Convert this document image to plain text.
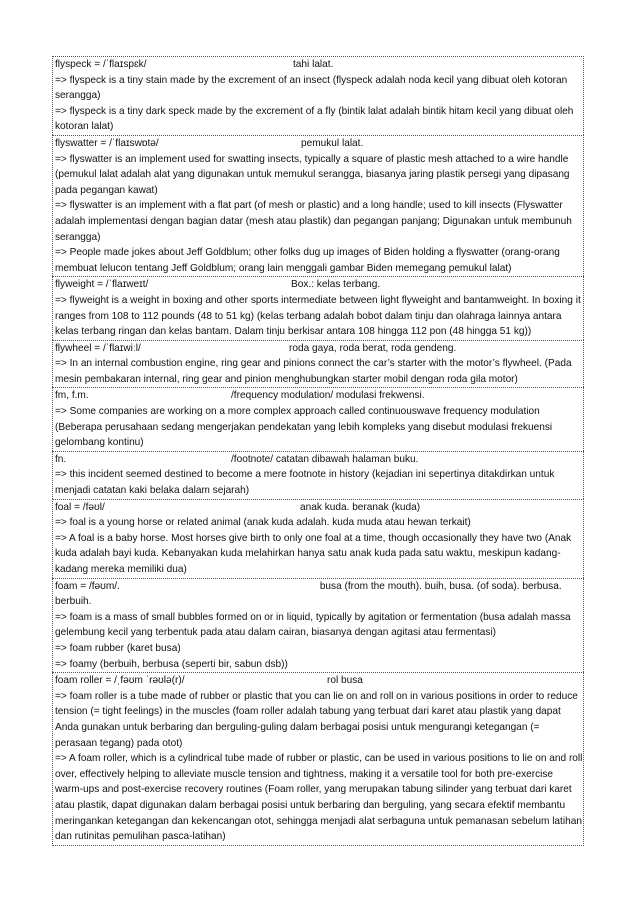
flyspeck = /ˈflaɪspɛk/	tahi lalat.
=> flyspeck is a tiny stain made by the excrement of an insect (flyspeck adalah noda kecil yang dibuat oleh kotoran serangga)
=> flyspeck is a tiny dark speck made by the excrement of a fly (bintik lalat adalah bintik hitam kecil yang dibuat oleh kotoran lalat)
flyswatter = /ˈflaɪswɒtə/	pemukul lalat.
=> flyswatter is an implement used for swatting insects, typically a square of plastic mesh attached to a wire handle (pemukul lalat adalah alat yang digunakan untuk memukul serangga, biasanya jaring plastik persegi yang dipasang pada pegangan kawat)
=> flyswatter is an implement with a flat part (of mesh or plastic) and a long handle; used to kill insects (Flyswatter adalah implementasi dengan bagian datar (mesh atau plastik) dan pegangan panjang; Digunakan untuk membunuh serangga)
=> People made jokes about Jeff Goldblum; other folks dug up images of Biden holding a flyswatter (orang-orang membuat lelucon tentang Jeff Goldblum; orang lain menggali gambar Biden memegang pemukul lalat)
flyweight = /ˈflaɪweɪt/	Box.: kelas terbang.
=> flyweight is a weight in boxing and other sports intermediate between light flyweight and bantamweight. In boxing it ranges from 108 to 112 pounds (48 to 51 kg) (kelas terbang adalah bobot dalam tinju dan olahraga lainnya antara kelas terbang ringan dan kelas bantam. Dalam tinju berkisar antara 108 hingga 112 pon (48 hingga 51 kg))
flywheel = /ˈflaɪwiːl/	roda gaya, roda berat, roda gendeng.
=> In an internal combustion engine, ring gear and pinions connect the car’s starter with the motor’s flywheel. (Pada mesin pembakaran internal, ring gear and pinion menghubungkan starter mobil dengan roda gila motor)
fm, f.m.	/frequency modulation/ modulasi frekwensi.
=> Some companies are working on a more complex approach called continuouswave frequency modulation (Beberapa perusahaan sedang mengerjakan pendekatan yang lebih kompleks yang disebut modulasi frekuensi gelombang kontinu)
fn.	/footnote/ catatan dibawah halaman buku.
=> this incident seemed destined to become a mere footnote in history (kejadian ini sepertinya ditakdirkan untuk menjadi catatan kaki belaka dalam sejarah)
foal = /fəʊl/	anak kuda. beranak (kuda)
=> foal is a young horse or related animal (anak kuda adalah. kuda muda atau hewan terkait)
=> A foal is a baby horse. Most horses give birth to only one foal at a time, though occasionally they have two (Anak kuda adalah bayi kuda. Kebanyakan kuda melahirkan hanya satu anak kuda pada satu waktu, meskipun kadang-kadang mereka memiliki dua)
foam = /fəʊm/.	busa (from the mouth). buih, busa. (of soda). berbusa. berbuih.
=> foam is a mass of small bubbles formed on or in liquid, typically by agitation or fermentation (busa adalah massa gelembung kecil yang terbentuk pada atau dalam cairan, biasanya dengan agitasi atau fermentasi)
=> foam rubber (karet busa)
=> foamy (berbuih, berbusa (seperti bir, sabun dsb))
foam roller = /ˌfəʊm ˈrəʊlə(r)/	rol busa
=> foam roller is a tube made of rubber or plastic that you can lie on and roll on in various positions in order to reduce tension (= tight feelings) in the muscles (foam roller adalah tabung yang terbuat dari karet atau plastik yang dapat Anda gunakan untuk berbaring dan berguling-guling dalam berbagai posisi untuk mengurangi ketegangan (= perasaan tegang) pada otot)
=> A foam roller, which is a cylindrical tube made of rubber or plastic, can be used in various positions to lie on and roll over, effectively helping to alleviate muscle tension and tightness, making it a versatile tool for both pre-exercise warm-ups and post-exercise recovery routines (Foam roller, yang merupakan tabung silinder yang terbuat dari karet atau plastik, dapat digunakan dalam berbagai posisi untuk berbaring dan berguling, yang secara efektif membantu meringankan ketegangan dan kekencangan otot, sehingga menjadi alat serbaguna untuk pemanasan sebelum latihan dan rutinitas pemulihan pasca-latihan)
